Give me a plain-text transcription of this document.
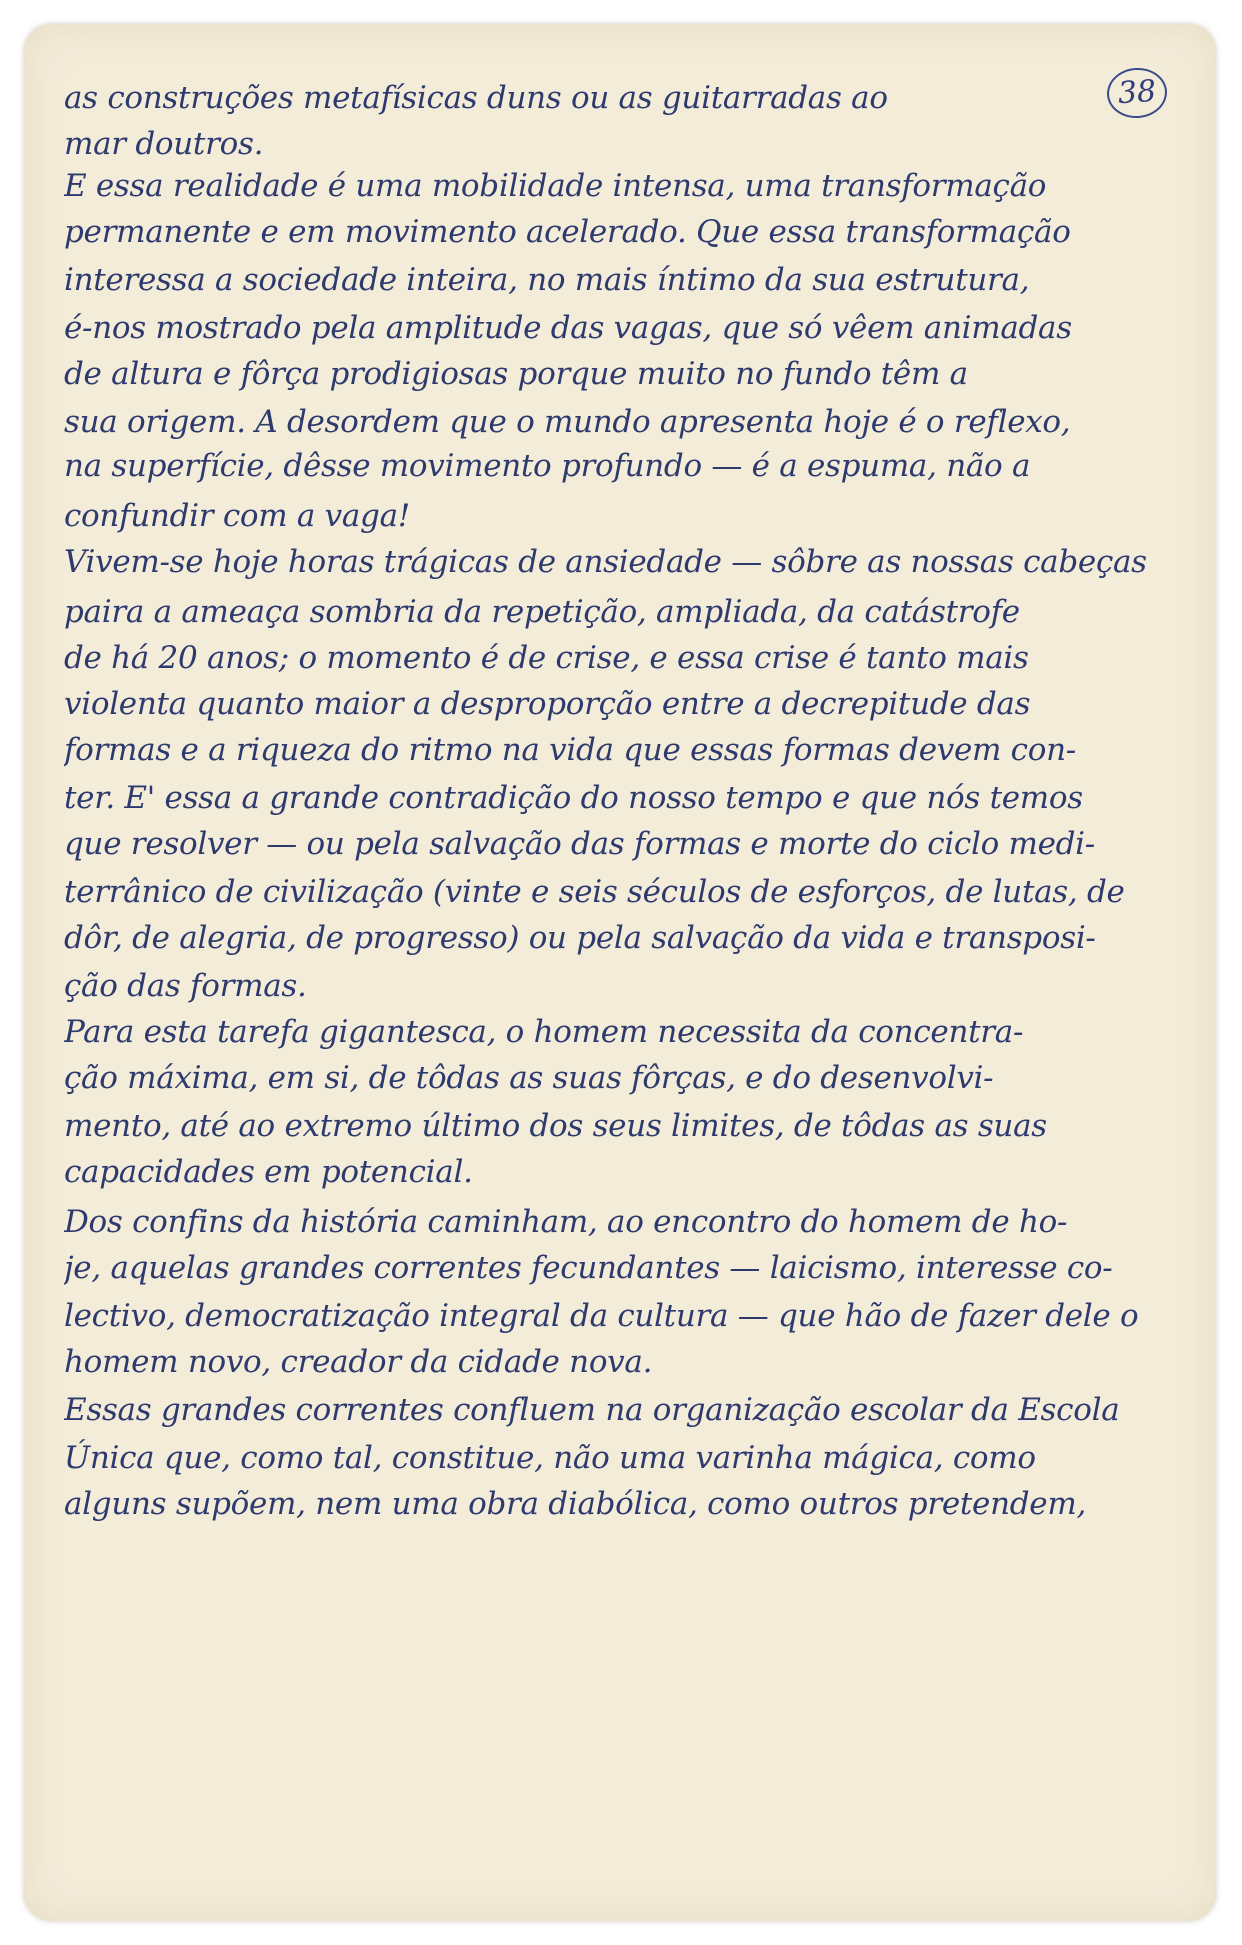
38
as construções metafísicas duns ou as guitarradas ao
mar doutros.
E essa realidade é uma mobilidade intensa, uma transformação
permanente e em movimento acelerado. Que essa transformação
interessa a sociedade inteira, no mais íntimo da sua estrutura,
é-nos mostrado pela amplitude das vagas, que só vêem animadas
de altura e fôrça prodigiosas porque muito no fundo têm a
sua origem. A desordem que o mundo apresenta hoje é o reflexo,
na superfície, dêsse movimento profundo — é a espuma, não a
confundir com a vaga!
Vivem-se hoje horas trágicas de ansiedade — sôbre as nossas cabeças
paira a ameaça sombria da repetição, ampliada, da catástrofe
de há 20 anos; o momento é de crise, e essa crise é tanto mais
violenta quanto maior a desproporção entre a decrepitude das
formas e a riqueza do ritmo na vida que essas formas devem con-
ter. E' essa a grande contradição do nosso tempo e que nós temos
que resolver — ou pela salvação das formas e morte do ciclo medi-
terrânico de civilização (vinte e seis séculos de esforços, de lutas, de
dôr, de alegria, de progresso) ou pela salvação da vida e transposi-
ção das formas.
Para esta tarefa gigantesca, o homem necessita da concentra-
ção máxima, em si, de tôdas as suas fôrças, e do desenvolvi-
mento, até ao extremo último dos seus limites, de tôdas as suas
capacidades em potencial.
Dos confins da história caminham, ao encontro do homem de ho-
je, aquelas grandes correntes fecundantes — laicismo, interesse co-
lectivo, democratização integral da cultura — que hão de fazer dele o
homem novo, creador da cidade nova.
Essas grandes correntes confluem na organização escolar da Escola
Única que, como tal, constitue, não uma varinha mágica, como
alguns supõem, nem uma obra diabólica, como outros pretendem,
